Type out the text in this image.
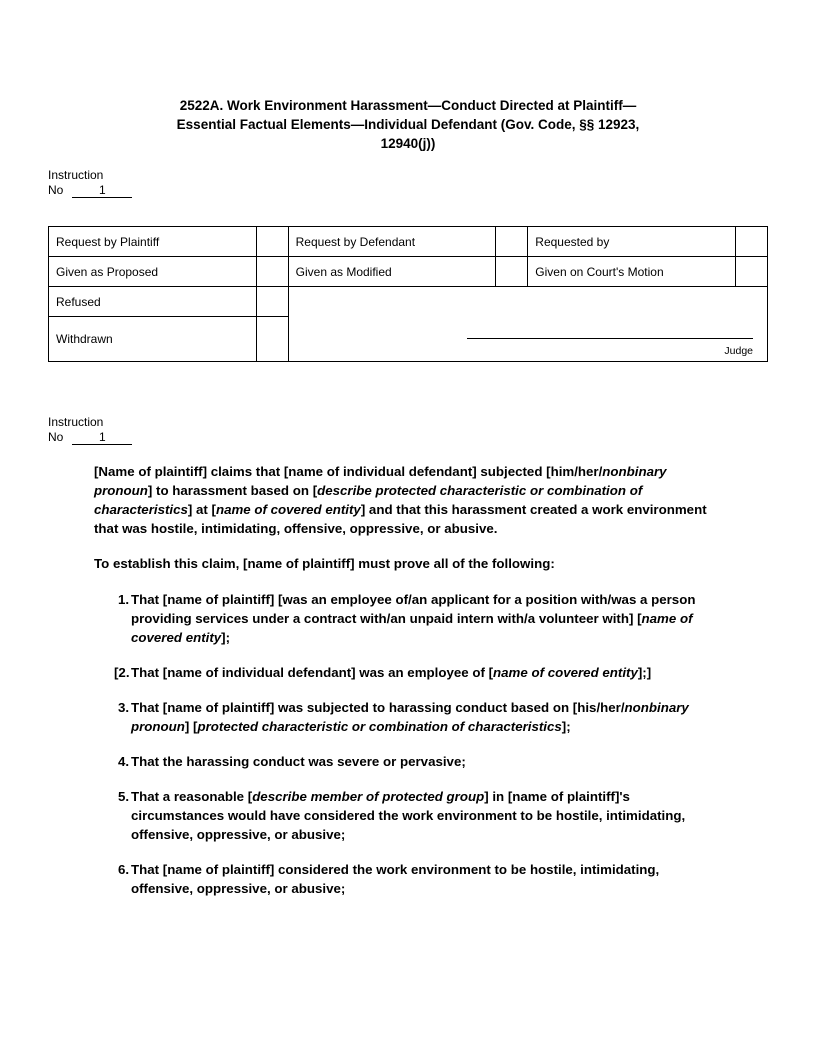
2522A. Work Environment Harassment—Conduct Directed at Plaintiff—
Essential Factual Elements—Individual Defendant (Gov. Code, §§ 12923,
12940(j))
Instruction
No	1
Request by Plaintiff		Request by Defendant		Requested by	
Given as Proposed		Given as Modified		Given on Court's Motion	
Refused		Judge			

Withdrawn					
Instruction
No	1

[Name of plaintiff] claims that [name of individual defendant] subjected [him/her/nonbinary pronoun] to harassment based on [describe protected characteristic or combination of characteristics] at [name of covered entity] and that this harassment created a work environment that was hostile, intimidating, offensive, oppressive, or abusive.

To establish this claim, [name of plaintiff] must prove all of the following:

1. That [name of plaintiff] [was an employee of/an applicant for a position with/was a person providing services under a contract with/an unpaid intern with/a volunteer with] [name of covered entity];
[2. That [name of individual defendant] was an employee of [name of covered entity];]
3. That [name of plaintiff] was subjected to harassing conduct based on [his/her/nonbinary pronoun] [protected characteristic or combination of characteristics];
4. That the harassing conduct was severe or pervasive;
5. That a reasonable [describe member of protected group] in [name of plaintiff]'s circumstances would have considered the work environment to be hostile, intimidating, offensive, oppressive, or abusive;
6. That [name of plaintiff] considered the work environment to be hostile, intimidating, offensive, oppressive, or abusive;
